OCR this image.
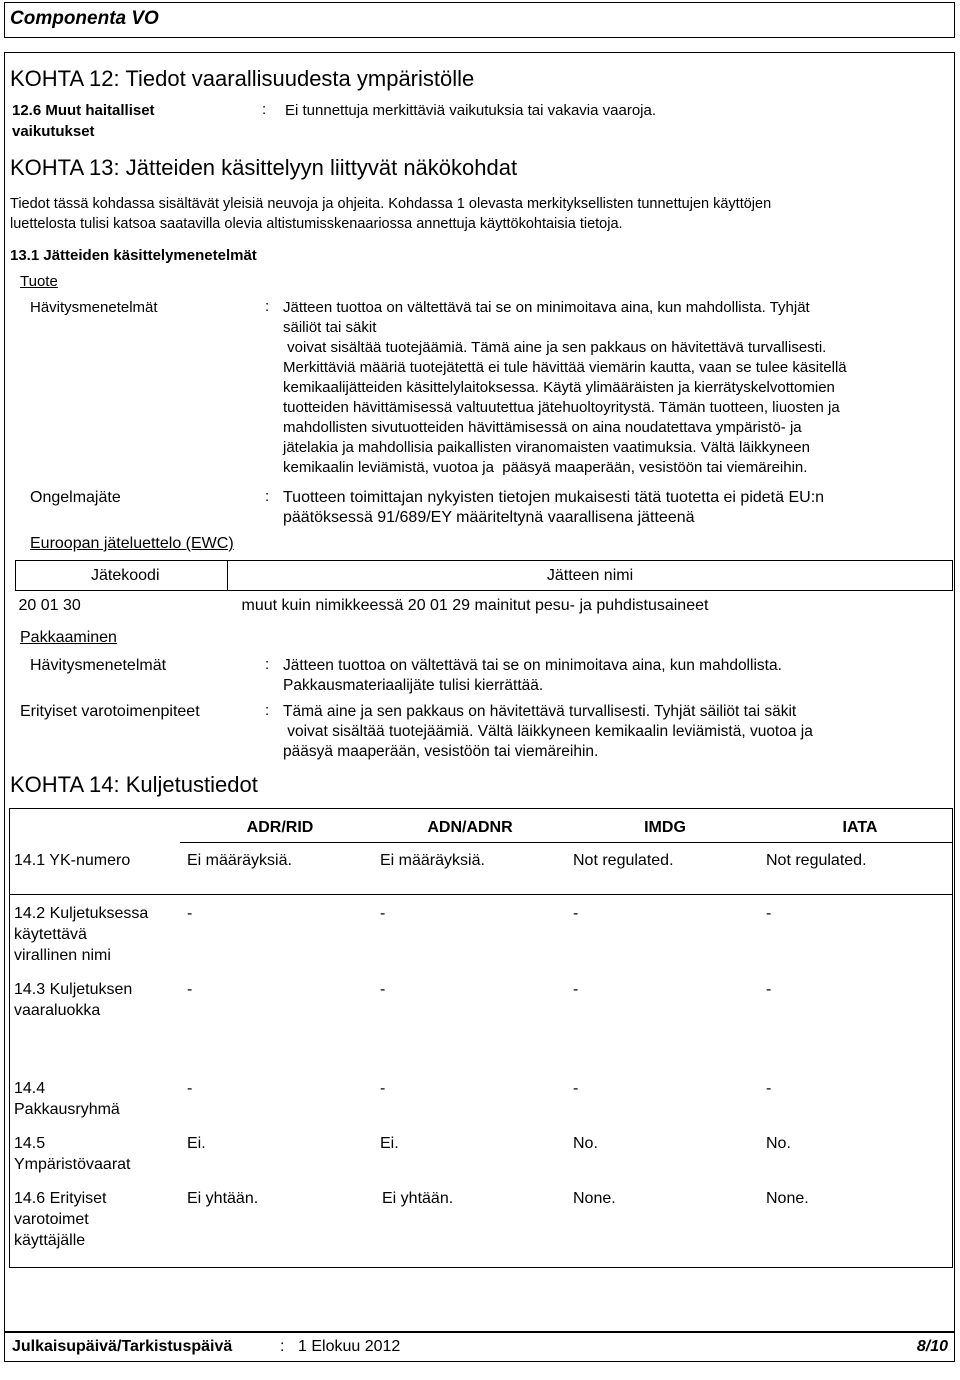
Componenta VO
KOHTA 12: Tiedot vaarallisuudesta ympäristölle
12.6 Muut haitalliset
vaikutukset
: Ei tunnettuja merkittäviä vaikutuksia tai vakavia vaaroja.
KOHTA 13: Jätteiden käsittelyyn liittyvät näkökohdat
Tiedot tässä kohdassa sisältävät yleisiä neuvoja ja ohjeita. Kohdassa 1 olevasta merkityksellisten tunnettujen käyttöjen
luettelosta tulisi katsoa saatavilla olevia altistumisskenaariossa annettuja käyttökohtaisia tietoja.
13.1 Jätteiden käsittelymenetelmät
Tuote
Hävitysmenetelmät	: Jätteen tuottoa on vältettävä tai se on minimoitava aina, kun mahdollista. Tyhjät
säiliöt tai säkit
voivat sisältää tuotejäämiä. Tämä aine ja sen pakkaus on hävitettävä turvallisesti.
Merkittäviä määriä tuotejätettä ei tule hävittää viemärin kautta, vaan se tulee käsitellä
kemikaalijätteiden käsittelylaitoksessa. Käytä ylimääräisten ja kierrätyskelvottomien
tuotteiden hävittämisessä valtuutettua jätehuoltoyritystä. Tämän tuotteen, liuosten ja
mahdollisten sivutuotteiden hävittämisessä on aina noudatettava ympäristö- ja
jätelakia ja mahdollisia paikallisten viranomaisten vaatimuksia. Vältä läikkyneen
kemikaalin leviämistä, vuotoa ja  pääsyä maaperään, vesistöön tai viemäreihin.
Ongelmajäte	: Tuotteen toimittajan nykyisten tietojen mukaisesti tätä tuotetta ei pidetä EU:n
päätöksessä 91/689/EY määriteltynä vaarallisena jätteenä
Euroopan jäteluettelo (EWC)
Jätekoodi	Jätteen nimi
20 01 30	muut kuin nimikkeessä 20 01 29 mainitut pesu- ja puhdistusaineet
Pakkaaminen
Hävitysmenetelmät	: Jätteen tuottoa on vältettävä tai se on minimoitava aina, kun mahdollista.
Pakkausmateriaalijäte tulisi kierrättää.
Erityiset varotoimenpiteet	: Tämä aine ja sen pakkaus on hävitettävä turvallisesti. Tyhjät säiliöt tai säkit
voivat sisältää tuotejäämiä. Vältä läikkyneen kemikaalin leviämistä, vuotoa ja
pääsyä maaperään, vesistöön tai viemäreihin.
KOHTA 14: Kuljetustiedot
ADR/RID	ADN/ADNR	IMDG	IATA
14.1 YK-numero	Ei määräyksiä.	Ei määräyksiä.	Not regulated.	Not regulated.
14.2 Kuljetuksessa
käytettävä
virallinen nimi
-	-	-	-
14.3 Kuljetuksen
vaaraluokka
-	-	-	-
14.4
Pakkausryhmä
-	-	-	-
14.5
Ympäristövaarat
Ei.	Ei.	No.	No.
14.6 Erityiset
varotoimet
käyttäjälle
Ei yhtään.	Ei yhtään.	None.	None.
Julkaisupäivä/Tarkistuspäivä	: 1 Elokuu 2012	8/10
